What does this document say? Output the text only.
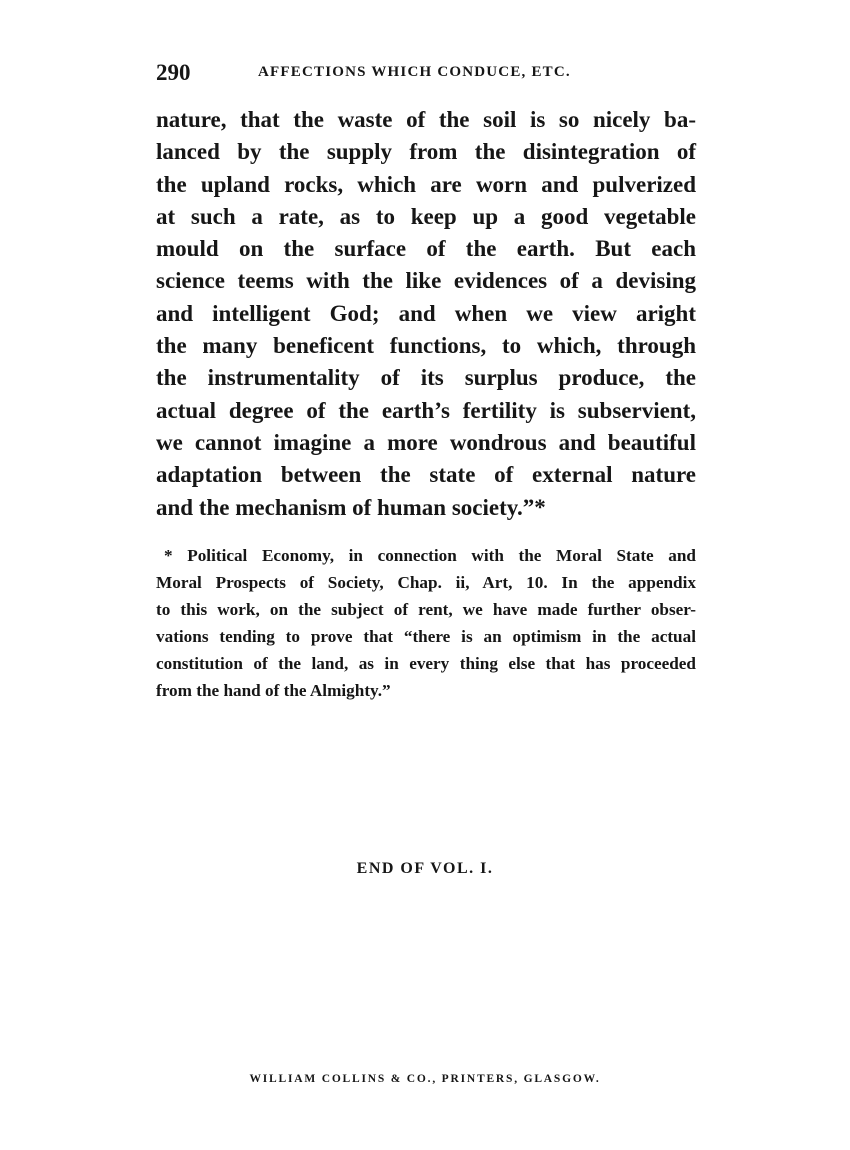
290	AFFECTIONS WHICH CONDUCE, ETC.
nature, that the waste of the soil is so nicely ba-
lanced by the supply from the disintegration of
the upland rocks, which are worn and pulverized
at such a rate, as to keep up a good vegetable
mould on the surface of the earth. But each
science teems with the like evidences of a devising
and intelligent God; and when we view aright
the many beneficent functions, to which, through
the instrumentality of its surplus produce, the
actual degree of the earth’s fertility is subservient,
we cannot imagine a more wondrous and beautiful
adaptation between the state of external nature
and the mechanism of human society.”*
* Political Economy, in connection with the Moral State and
Moral Prospects of Society, Chap. ii, Art, 10. In the appendix
to this work, on the subject of rent, we have made further obser-
vations tending to prove that “there is an optimism in the actual
constitution of the land, as in every thing else that has proceeded
from the hand of the Almighty.”
END OF VOL. I.
WILLIAM COLLINS & CO., PRINTERS, GLASGOW.
